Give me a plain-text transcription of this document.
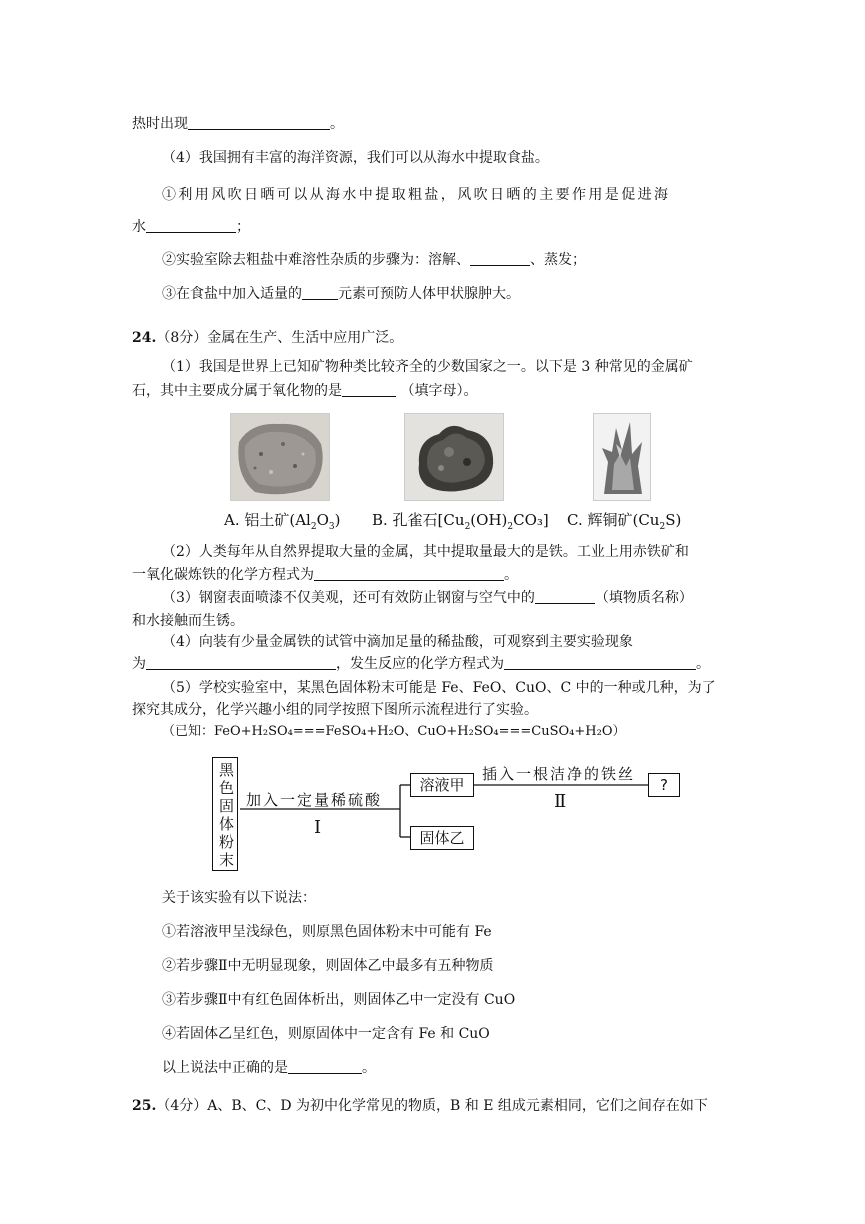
热时出现	。
（4）我国拥有丰富的海洋资源，我们可以从海水中提取食盐。
①利用风吹日晒可以从海水中提取粗盐，风吹日晒的主要作用是促进海
水	；
②实验室除去粗盐中难溶性杂质的步骤为：溶解、	、蒸发；
③在食盐中加入适量的	元素可预防人体甲状腺肿大。
24.（8分）金属在生产、生活中应用广泛。
（1）我国是世界上已知矿物种类比较齐全的少数国家之一。以下是 3 种常见的金属矿
石，其中主要成分属于氧化物的是	（填字母）。
A. 铝土矿$(Al_2O_3)$ B. 孔雀石$[Cu_2(OH)_2CO_3]$ C. 辉铜矿$(Cu_2S)$
（2）人类每年从自然界提取大量的金属，其中提取量最大的是铁。工业上用赤铁矿和
一氧化碳炼铁的化学方程式为	。
（3）钢窗表面喷漆不仅美观，还可有效防止钢窗与空气中的	（填物质名称）
和水接触而生锈。
（4）向装有少量金属铁的试管中滴加足量的稀盐酸，可观察到主要实验现象
为	，发生反应的化学方程式为	。
（5）学校实验室中，某黑色固体粉末可能是 Fe、FeO、CuO、C 中的一种或几种，为了
探究其成分，化学兴趣小组的同学按照下图所示流程进行了实验。
（已知：FeO+H₂SO₄===FeSO₄+H₂O、CuO+H₂SO₄===CuSO₄+H₂O）
黑色固体粉末 加入一定量稀硫酸
Ⅰ
溶液甲
固体乙
插入一根洁净的铁丝
Ⅱ
?
关于该实验有以下说法：
①若溶液甲呈浅绿色，则原黑色固体粉末中可能有 Fe
②若步骤Ⅱ中无明显现象，则固体乙中最多有五种物质
③若步骤Ⅱ中有红色固体析出，则固体乙中一定没有 CuO
④若固体乙呈红色，则原固体中一定含有 Fe 和 CuO
以上说法中正确的是	。
25.（4分）A、B、C、D 为初中化学常见的物质，B 和 E 组成元素相同，它们之间存在如下
